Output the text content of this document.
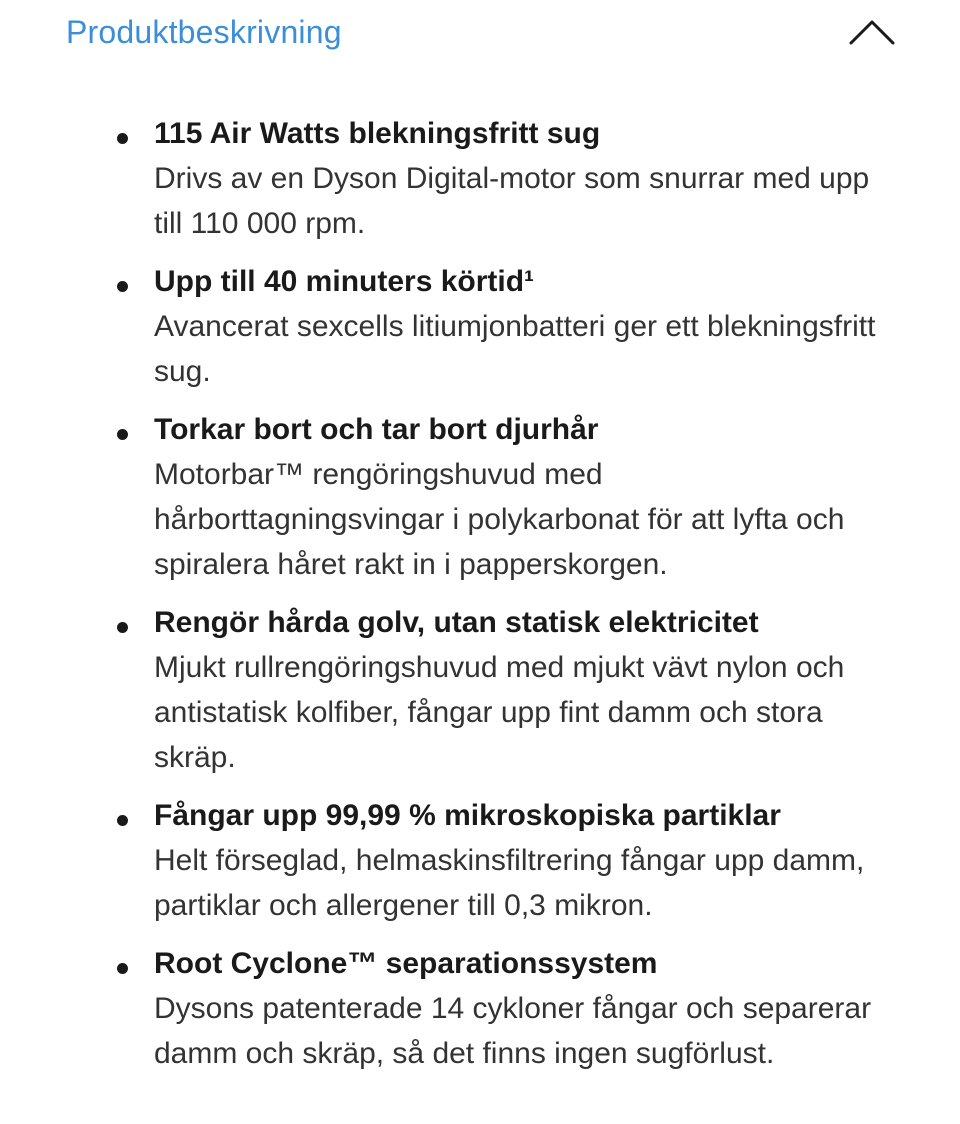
Produktbeskrivning
115 Air Watts blekningsfritt sug
Drivs av en Dyson Digital-motor som snurrar med upp till 110 000 rpm.
Upp till 40 minuters körtid¹
Avancerat sexcells litiumjonbatteri ger ett blekningsfritt sug.
Torkar bort och tar bort djurhår
Motorbar™ rengöringshuvud med hårborttagningsvingar i polykarbonat för att lyfta och spiralera håret rakt in i papperskorgen.
Rengör hårda golv, utan statisk elektricitet
Mjukt rullrengöringshuvud med mjukt vävt nylon och antistatisk kolfiber, fångar upp fint damm och stora skräp.
Fångar upp 99,99 % mikroskopiska partiklar
Helt förseglad, helmaskinsfiltrering fångar upp damm, partiklar och allergener till 0,3 mikron.
Root Cyclone™ separationssystem
Dysons patenterade 14 cykloner fångar och separerar damm och skräp, så det finns ingen sugförlust.
